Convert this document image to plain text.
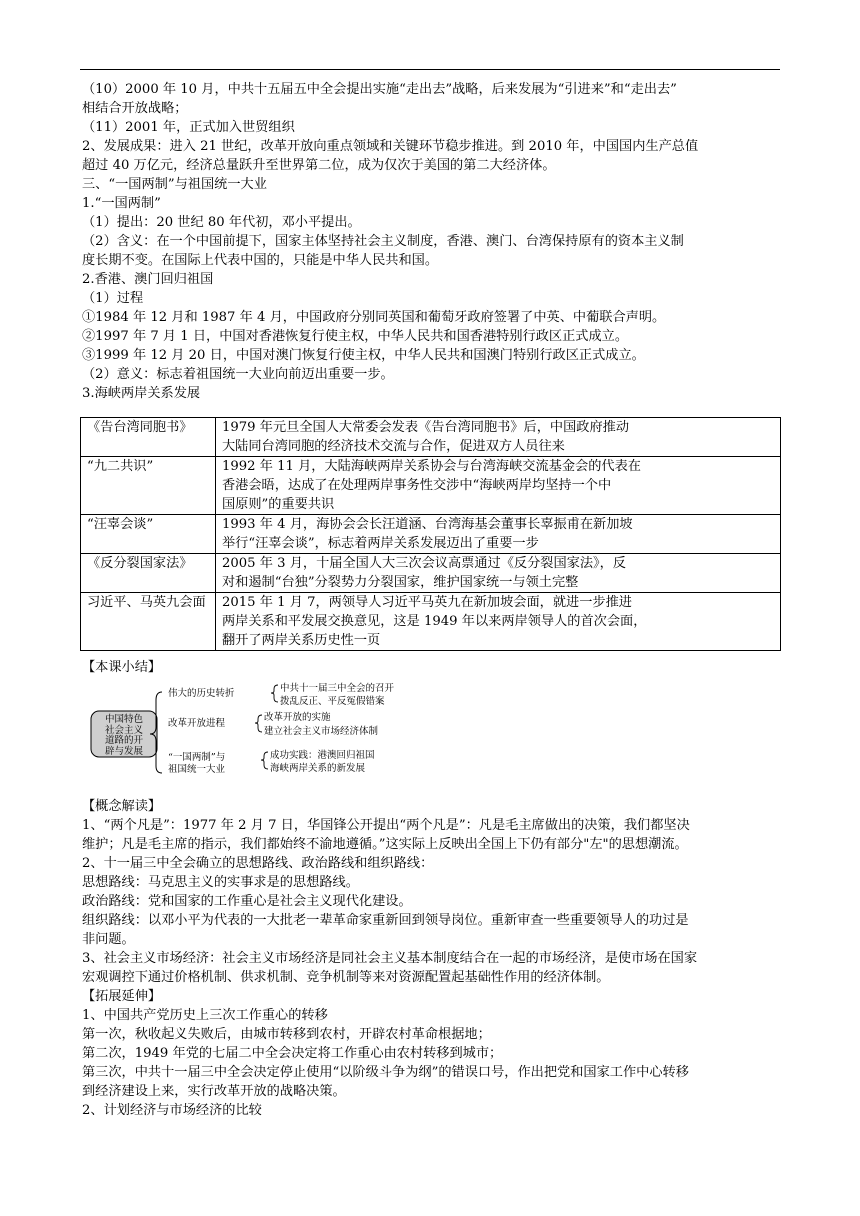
（10）2000 年 10 月，中共十五届五中全会提出实施“走出去”战略，后来发展为“引进来”和“走出去”
相结合开放战略；
（11）2001 年，正式加入世贸组织
2、发展成果：进入 21 世纪，改革开放向重点领域和关键环节稳步推进。到 2010 年，中国国内生产总值
超过 40 万亿元，经济总量跃升至世界第二位，成为仅次于美国的第二大经济体。
三、“一国两制”与祖国统一大业
1.“一国两制”
（1）提出：20 世纪 80 年代初，邓小平提出。
（2）含义：在一个中国前提下，国家主体坚持社会主义制度，香港、澳门、台湾保持原有的资本主义制
度长期不变。在国际上代表中国的，只能是中华人民共和国。
2.香港、澳门回归祖国
（1）过程
①1984 年 12 月和 1987 年 4 月，中国政府分别同英国和葡萄牙政府签署了中英、中葡联合声明。
②1997 年 7 月 1 日，中国对香港恢复行使主权，中华人民共和国香港特别行政区正式成立。
③1999 年 12 月 20 日，中国对澳门恢复行使主权，中华人民共和国澳门特别行政区正式成立。
（2）意义：标志着祖国统一大业向前迈出重要一步。
3.海峡两岸关系发展
《告台湾同胞书》	1979 年元旦全国人大常委会发表《告台湾同胞书》后，中国政府推动
大陆同台湾同胞的经济技术交流与合作，促进双方人员往来

“九二共识”	1992 年 11 月，大陆海峡两岸关系协会与台湾海峡交流基金会的代表在
香港会晤，达成了在处理两岸事务性交涉中“海峡两岸均坚持一个中
国原则”的重要共识

“汪辜会谈”	1993 年 4 月，海协会会长汪道涵、台湾海基会董事长辜振甫在新加坡
举行“汪辜会谈”，标志着两岸关系发展迈出了重要一步

《反分裂国家法》	2005 年 3 月，十届全国人大三次会议高票通过《反分裂国家法》，反
对和遏制“台独”分裂势力分裂国家，维护国家统一与领土完整

习近平、马英九会面	2015 年 1 月 7，两领导人习近平马英九在新加坡会面，就进一步推进
两岸关系和平发展交换意见，这是 1949 年以来两岸领导人的首次会面，
翻开了两岸关系历史性一页
【本课小结】
中国特色
社会主义
道路的开
辟与发展
伟大的历史转折	中共十一届三中全会的召开
拨乱反正、平反冤假错案
改革开放进程
改革开放的实施
建立社会主义市场经济体制
“一国两制”与
祖国统一大业
成功实践：港澳回归祖国
海峡两岸关系的新发展
【概念解读】
1、“两个凡是”：1977 年 2 月 7 日，华国锋公开提出“两个凡是”：凡是毛主席做出的决策，我们都坚决
维护；凡是毛主席的指示，我们都始终不渝地遵循。”这实际上反映出全国上下仍有部分"左"的思想潮流。
2、十一届三中全会确立的思想路线、政治路线和组织路线：
思想路线：马克思主义的实事求是的思想路线。
政治路线：党和国家的工作重心是社会主义现代化建设。
组织路线：以邓小平为代表的一大批老一辈革命家重新回到领导岗位。重新审查一些重要领导人的功过是
非问题。
3、社会主义市场经济：社会主义市场经济是同社会主义基本制度结合在一起的市场经济，是使市场在国家
宏观调控下通过价格机制、供求机制、竞争机制等来对资源配置起基础性作用的经济体制。
【拓展延伸】
1、中国共产党历史上三次工作重心的转移
第一次，秋收起义失败后，由城市转移到农村，开辟农村革命根据地；
第二次，1949 年党的七届二中全会决定将工作重心由农村转移到城市；
第三次，中共十一届三中全会决定停止使用“以阶级斗争为纲”的错误口号，作出把党和国家工作中心转移
到经济建设上来，实行改革开放的战略决策。
2、计划经济与市场经济的比较
